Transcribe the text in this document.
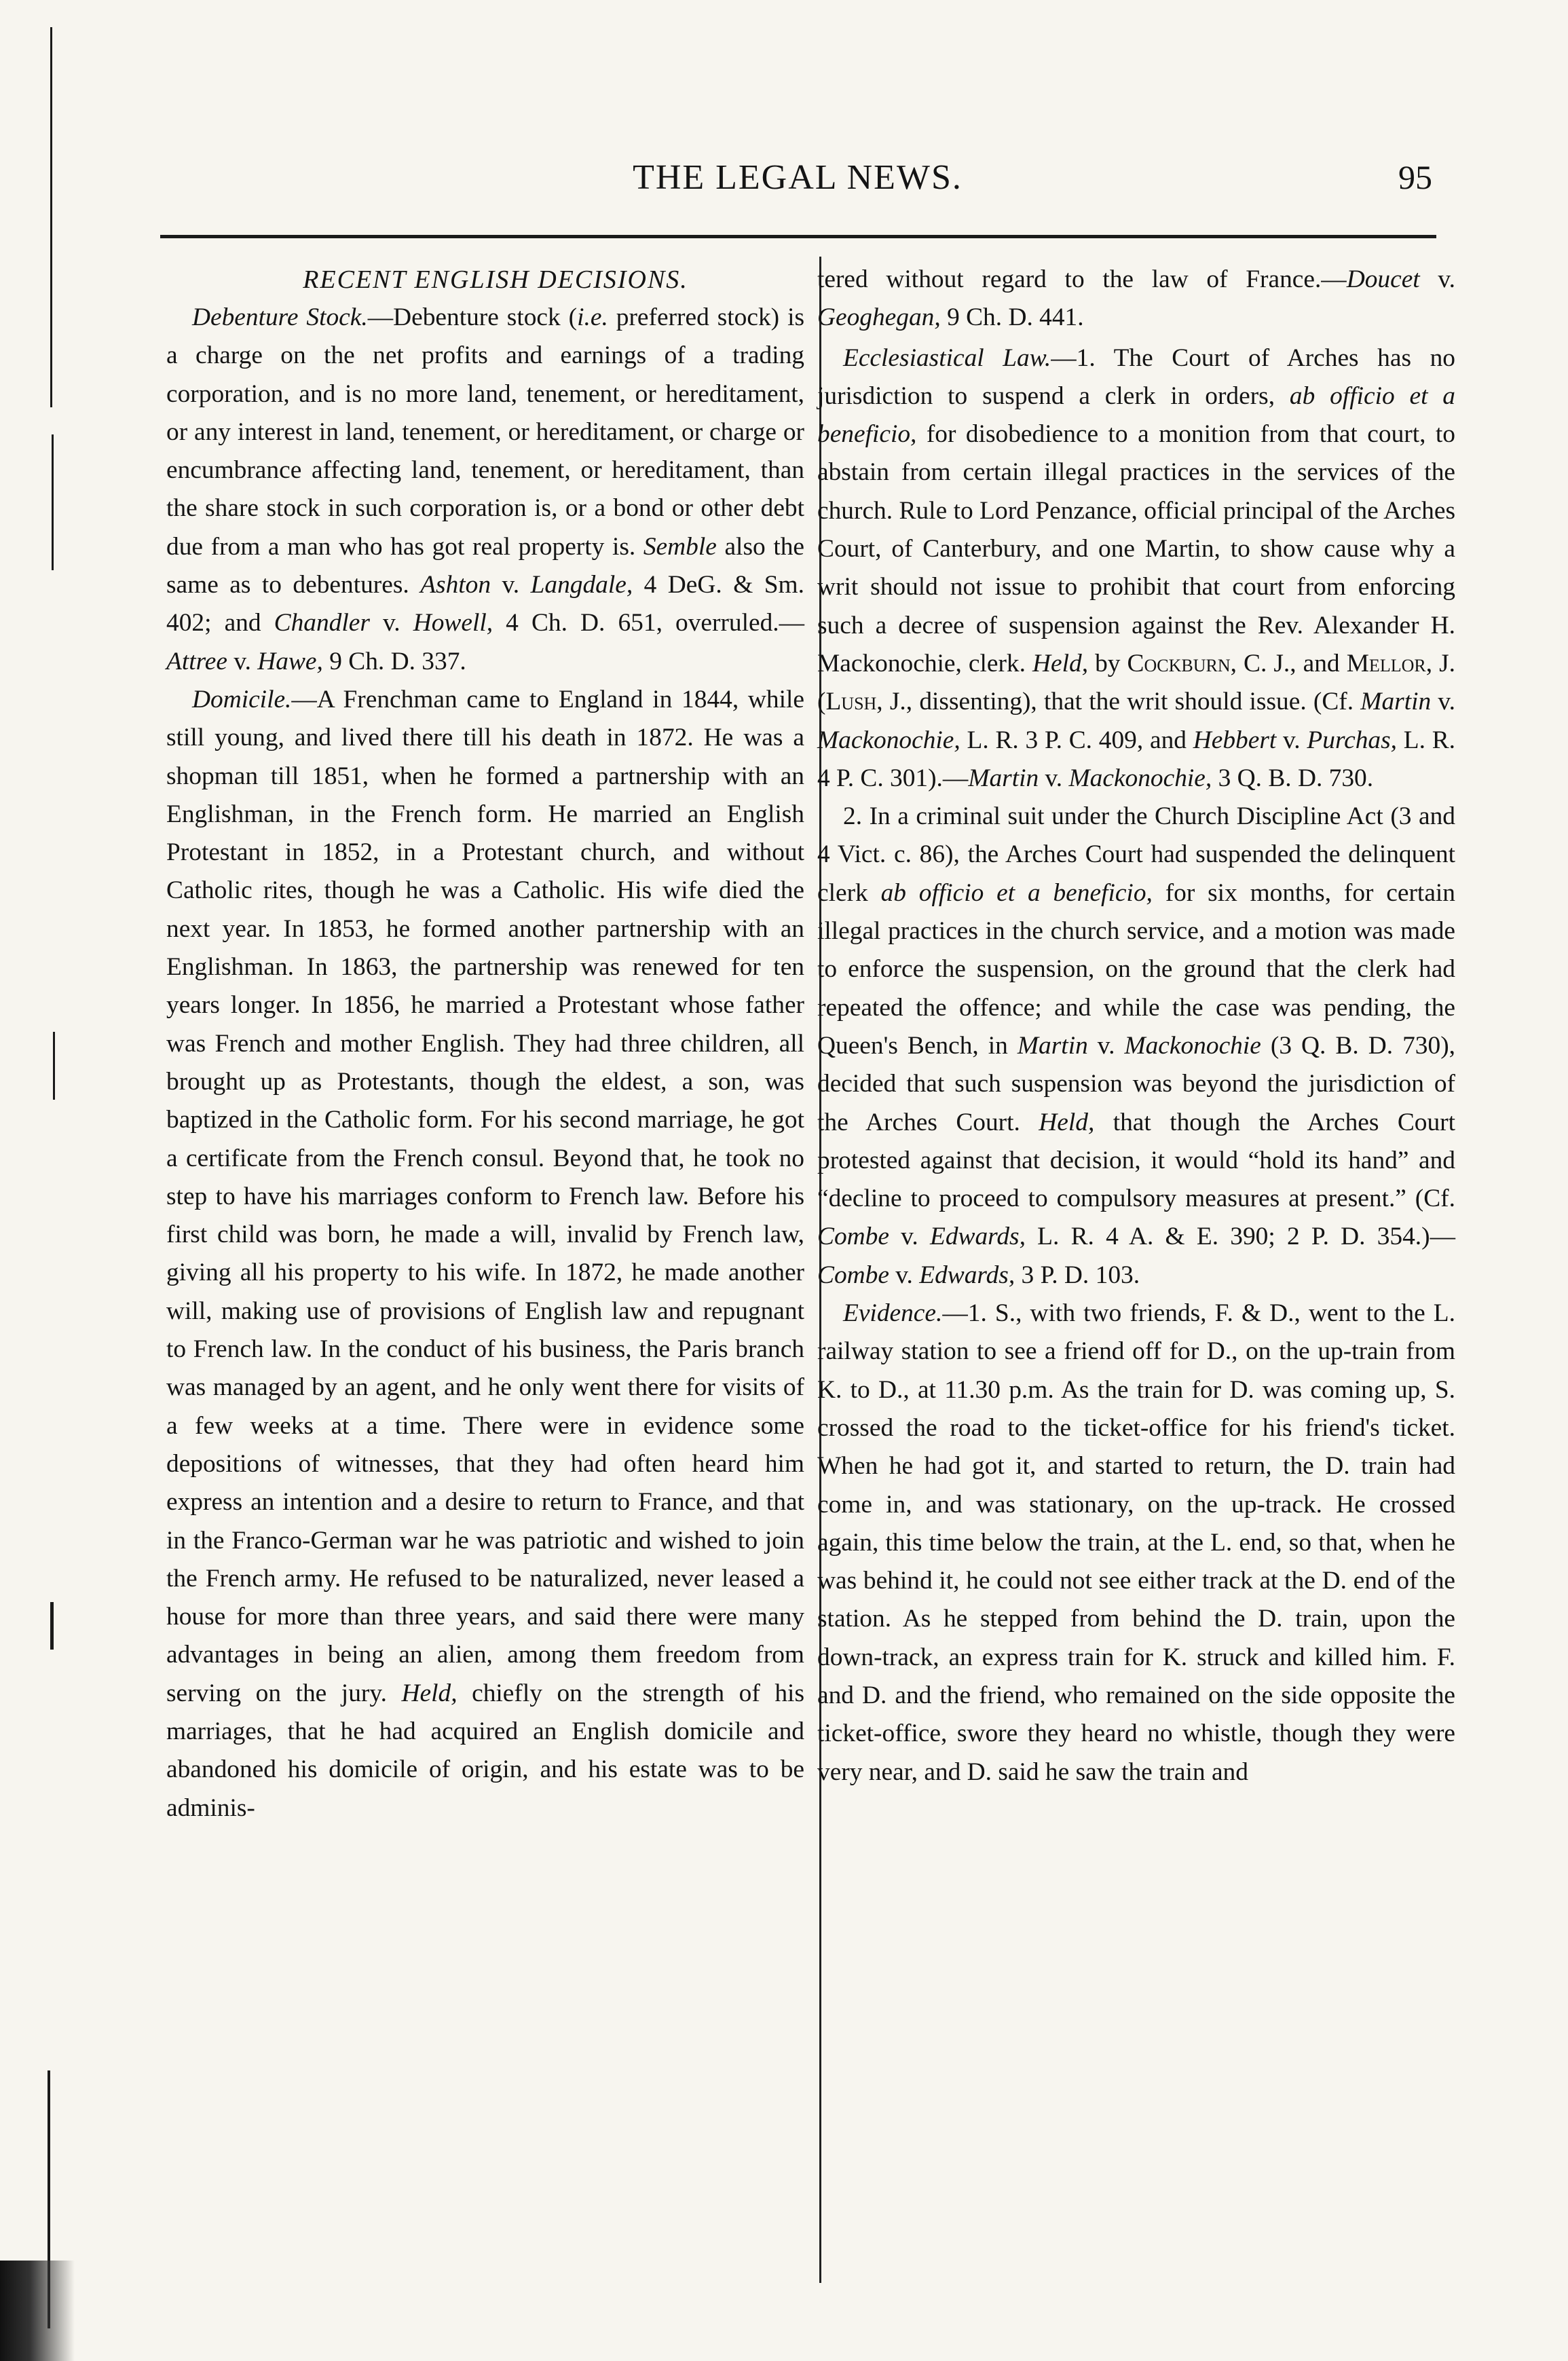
THE LEGAL NEWS.	95
RECENT ENGLISH DECISIONS.

Debenture Stock.—Debenture stock (i.e. preferred stock) is a charge on the net profits and earnings of a trading corporation, and is no more land, tenement, or hereditament, or any interest in land, tenement, or hereditament, or charge or encumbrance affecting land, tenement, or hereditament, than the share stock in such corporation is, or a bond or other debt due from a man who has got real property is. Semble also the same as to debentures. Ashton v. Langdale, 4 DeG. & Sm. 402; and Chandler v. Howell, 4 Ch. D. 651, overruled.—Attree v. Hawe, 9 Ch. D. 337.

Domicile.—A Frenchman came to England in 1844, while still young, and lived there till his death in 1872. He was a shopman till 1851, when he formed a partnership with an Englishman, in the French form. He married an English Protestant in 1852, in a Protestant church, and without Catholic rites, though he was a Catholic. His wife died the next year. In 1853, he formed another partnership with an Englishman. In 1863, the partnership was renewed for ten years longer. In 1856, he married a Protestant whose father was French and mother English. They had three children, all brought up as Protestants, though the eldest, a son, was baptized in the Catholic form. For his second marriage, he got a certificate from the French consul. Beyond that, he took no step to have his marriages conform to French law. Before his first child was born, he made a will, invalid by French law, giving all his property to his wife. In 1872, he made another will, making use of provisions of English law and repugnant to French law. In the conduct of his business, the Paris branch was managed by an agent, and he only went there for visits of a few weeks at a time. There were in evidence some depositions of witnesses, that they had often heard him express an intention and a desire to return to France, and that in the Franco-German war he was patriotic and wished to join the French army. He refused to be naturalized, never leased a house for more than three years, and said there were many advantages in being an alien, among them freedom from serving on the jury. Held, chiefly on the strength of his marriages, that he had acquired an English domicile and abandoned his domicile of origin, and his estate was to be adminis-

tered without regard to the law of France.—Doucet v. Geoghegan, 9 Ch. D. 441.

Ecclesiastical Law.—1. The Court of Arches has no jurisdiction to suspend a clerk in orders, ab officio et a beneficio, for disobedience to a monition from that court, to abstain from certain illegal practices in the services of the church. Rule to Lord Penzance, official principal of the Arches Court, of Canterbury, and one Martin, to show cause why a writ should not issue to prohibit that court from enforcing such a decree of suspension against the Rev. Alexander H. Mackonochie, clerk. Held, by Cockburn, C. J., and Mellor, J. (Lush, J., dissenting), that the writ should issue. (Cf. Martin v. Mackonochie, L. R. 3 P. C. 409, and Hebbert v. Purchas, L. R. 4 P. C. 301).—Martin v. Mackonochie, 3 Q. B. D. 730.

2. In a criminal suit under the Church Discipline Act (3 and 4 Vict. c. 86), the Arches Court had suspended the delinquent clerk ab officio et a beneficio, for six months, for certain illegal practices in the church service, and a motion was made to enforce the suspension, on the ground that the clerk had repeated the offence; and while the case was pending, the Queen's Bench, in Martin v. Mackonochie (3 Q. B. D. 730), decided that such suspension was beyond the jurisdiction of the Arches Court. Held, that though the Arches Court protested against that decision, it would “hold its hand” and “decline to proceed to compulsory measures at present.” (Cf. Combe v. Edwards, L. R. 4 A. & E. 390; 2 P. D. 354.)—Combe v. Edwards, 3 P. D. 103.

Evidence.—1. S., with two friends, F. & D., went to the L. railway station to see a friend off for D., on the up-train from K. to D., at 11.30 p.m. As the train for D. was coming up, S. crossed the road to the ticket-office for his friend's ticket. When he had got it, and started to return, the D. train had come in, and was stationary, on the up-track. He crossed again, this time below the train, at the L. end, so that, when he was behind it, he could not see either track at the D. end of the station. As he stepped from behind the D. train, upon the down-track, an express train for K. struck and killed him. F. and D. and the friend, who remained on the side opposite the ticket-office, swore they heard no whistle, though they were very near, and D. said he saw the train and
